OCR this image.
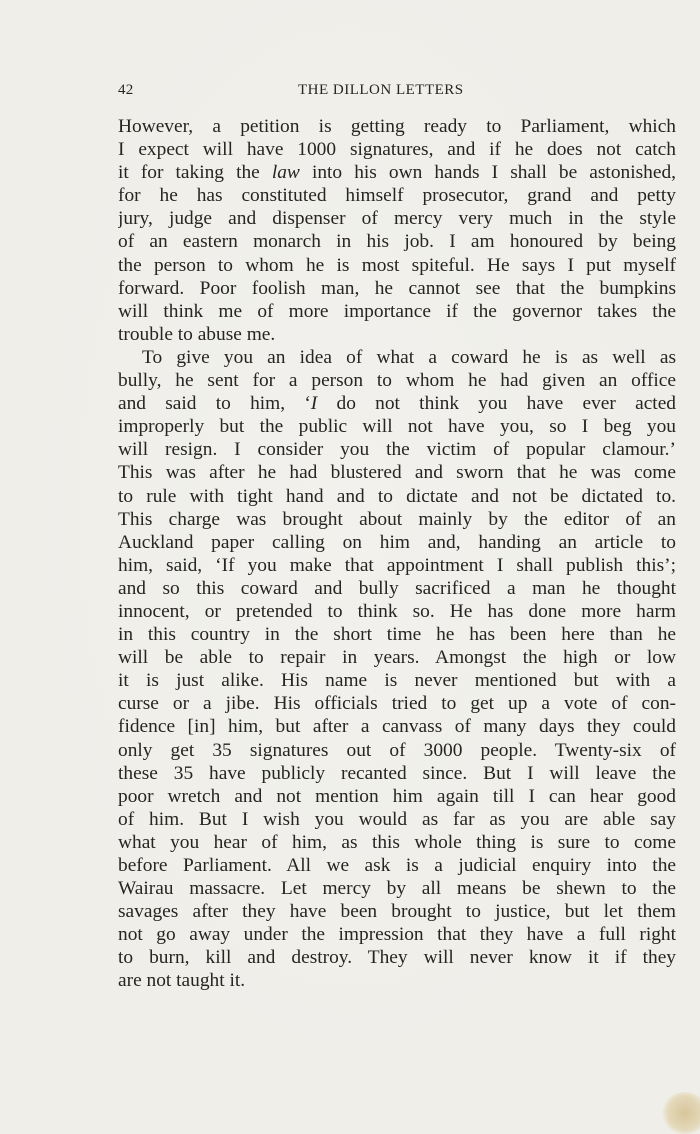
42	THE DILLON LETTERS
However, a petition is getting ready to Parliament, which
I expect will have 1000 signatures, and if he does not catch
it for taking the law into his own hands I shall be astonished,
for he has constituted himself prosecutor, grand and petty
jury, judge and dispenser of mercy very much in the style
of an eastern monarch in his job. I am honoured by being
the person to whom he is most spiteful. He says I put myself
forward. Poor foolish man, he cannot see that the bumpkins
will think me of more importance if the governor takes the
trouble to abuse me.
To give you an idea of what a coward he is as well as
bully, he sent for a person to whom he had given an office
and said to him, ‘I do not think you have ever acted
improperly but the public will not have you, so I beg you
will resign. I consider you the victim of popular clamour.’
This was after he had blustered and sworn that he was come
to rule with tight hand and to dictate and not be dictated to.
This charge was brought about mainly by the editor of an
Auckland paper calling on him and, handing an article to
him, said, ‘If you make that appointment I shall publish this’;
and so this coward and bully sacrificed a man he thought
innocent, or pretended to think so. He has done more harm
in this country in the short time he has been here than he
will be able to repair in years. Amongst the high or low
it is just alike. His name is never mentioned but with a
curse or a jibe. His officials tried to get up a vote of con-
fidence [in] him, but after a canvass of many days they could
only get 35 signatures out of 3000 people. Twenty-six of
these 35 have publicly recanted since. But I will leave the
poor wretch and not mention him again till I can hear good
of him. But I wish you would as far as you are able say
what you hear of him, as this whole thing is sure to come
before Parliament. All we ask is a judicial enquiry into the
Wairau massacre. Let mercy by all means be shewn to the
savages after they have been brought to justice, but let them
not go away under the impression that they have a full right
to burn, kill and destroy. They will never know it if they
are not taught it.
